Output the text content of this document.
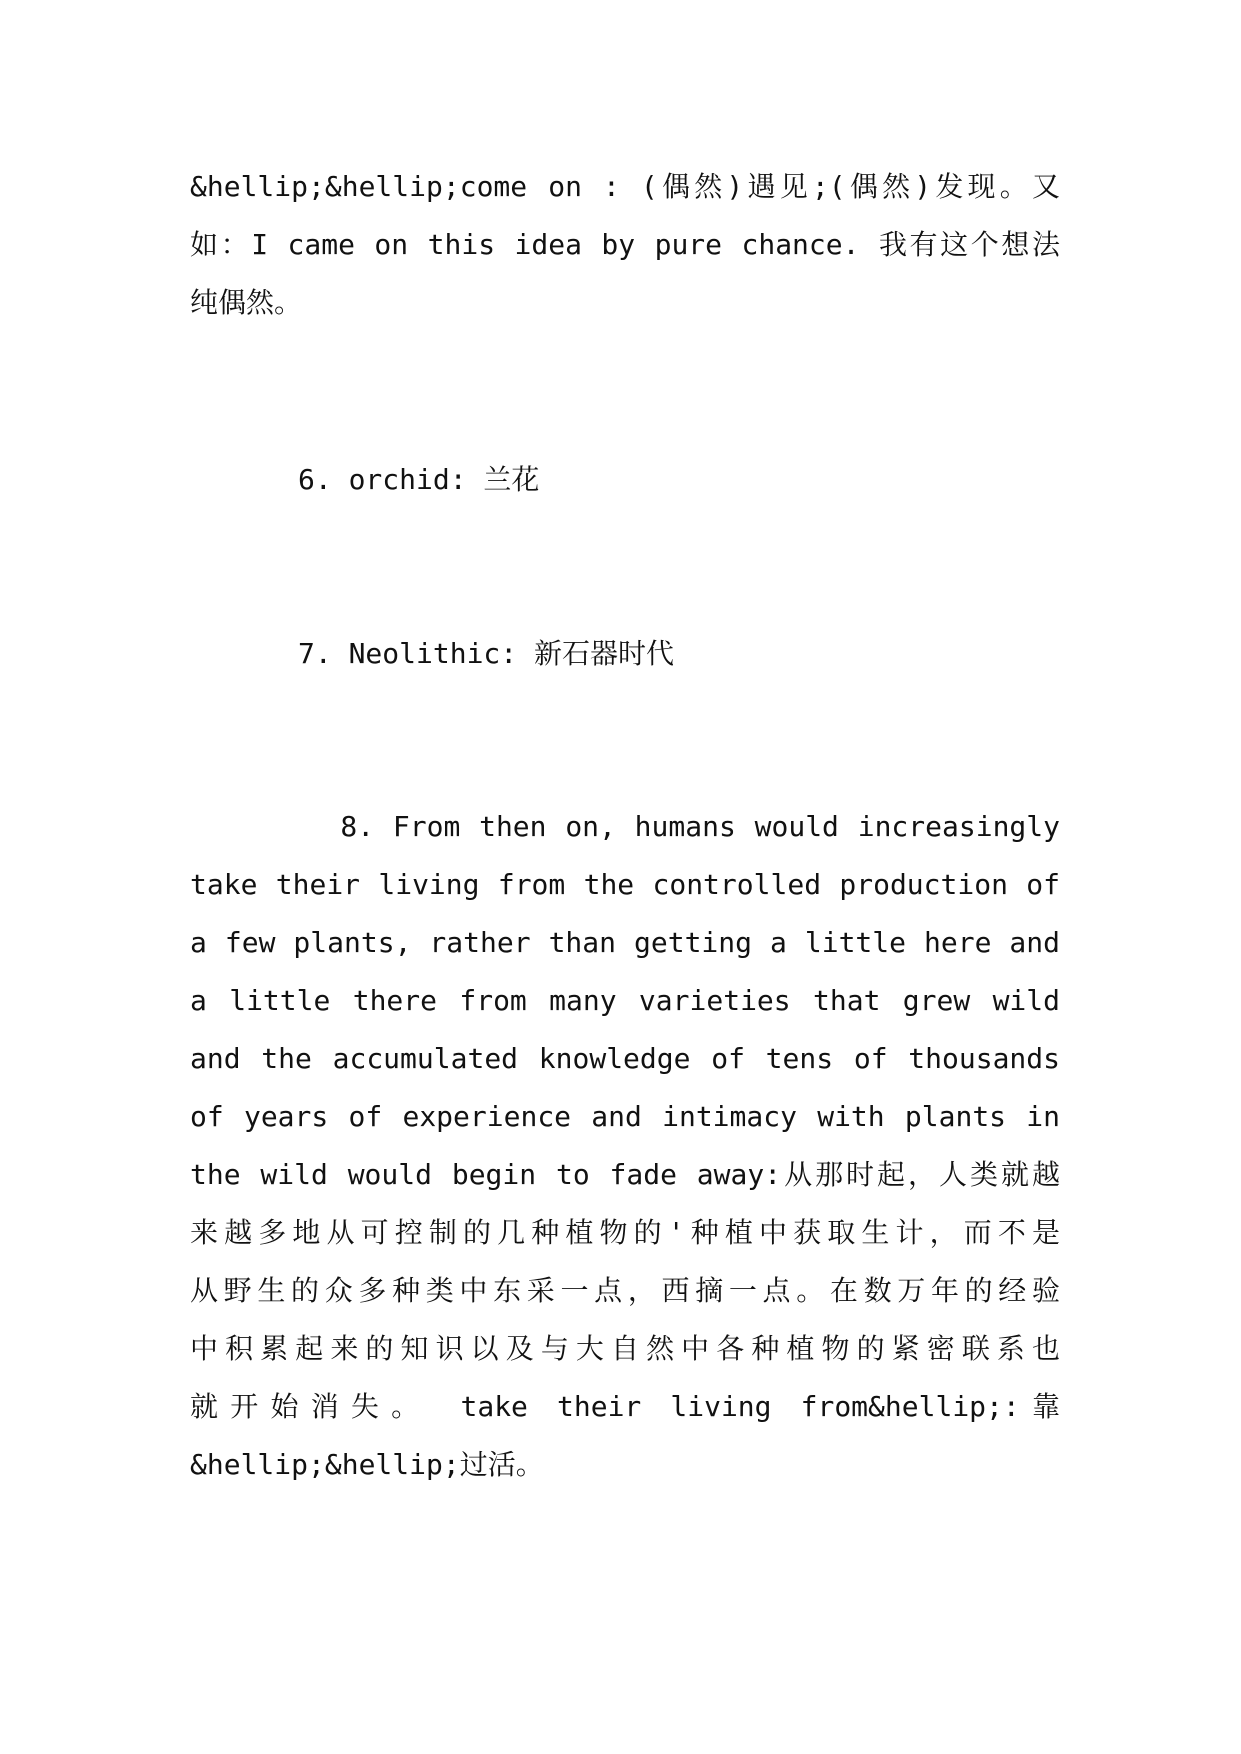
&hellip;&hellip;come on : (偶然)遇见;(偶然)发现。又
如：I came on this idea by pure chance. 我有这个想法
纯偶然。

6. orchid: 兰花

7. Neolithic: 新石器时代

8. From then on, humans would increasingly
take their living from the controlled production of
a few plants, rather than getting a little here and
a little there from many varieties that grew wild
and the accumulated knowledge of tens of thousands
of years of experience and intimacy with plants in
the wild would begin to fade away:从那时起，人类就越
来越多地从可控制的几种植物的'种植中获取生计，而不是
从野生的众多种类中东采一点，西摘一点。在数万年的经验
中积累起来的知识以及与大自然中各种植物的紧密联系也
就开始消失。 take their living from&hellip;:靠
&hellip;&hellip;过活。
